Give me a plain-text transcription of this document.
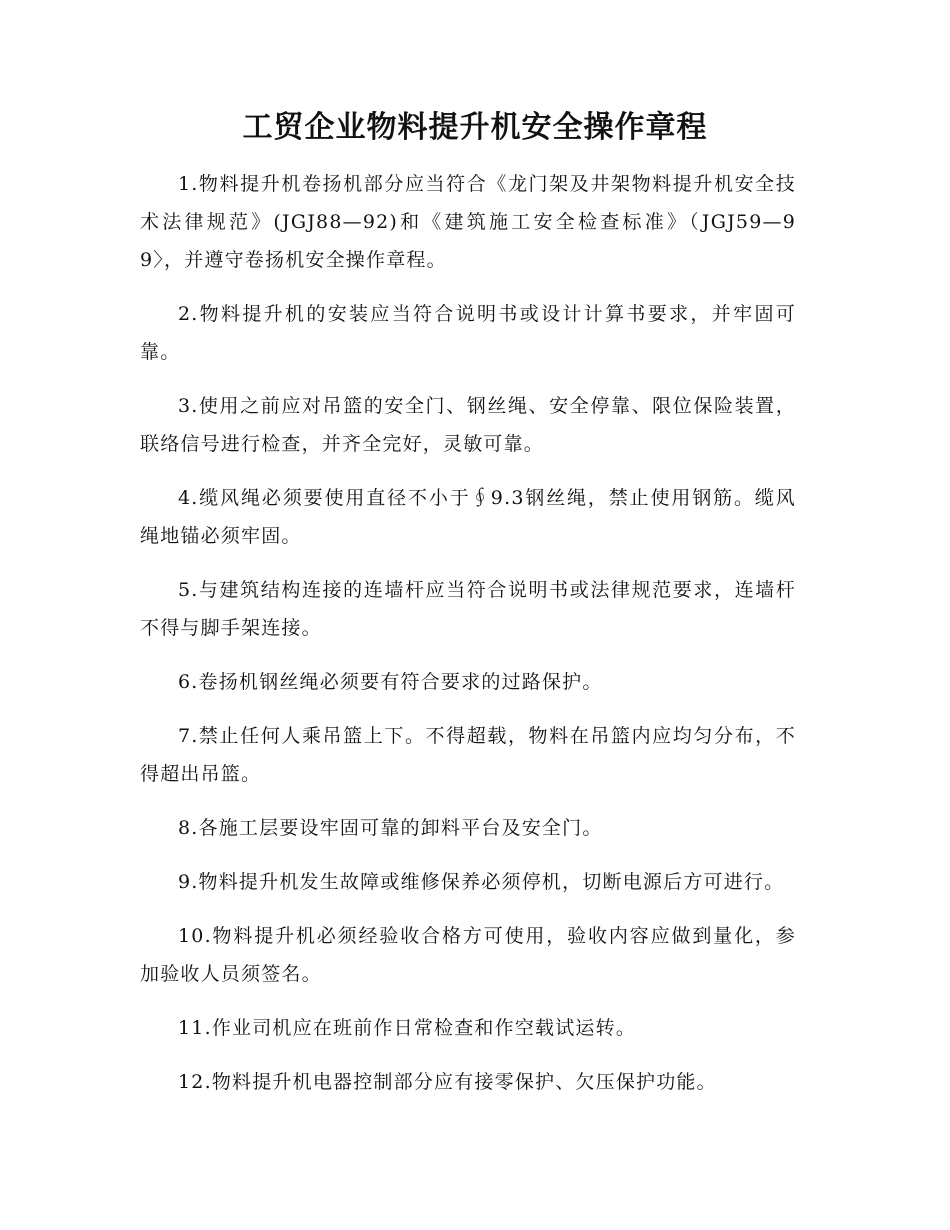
工贸企业物料提升机安全操作章程

1.物料提升机卷扬机部分应当符合《龙门架及井架物料提升机安全技术法律规范》(JGJ88—92)和《建筑施工安全检查标准》（JGJ59—99〉，并遵守卷扬机安全操作章程。

2.物料提升机的安装应当符合说明书或设计计算书要求，并牢固可靠。

3.使用之前应对吊篮的安全门、钢丝绳、安全停靠、限位保险装置，联络信号进行检查，并齐全完好，灵敏可靠。

4.缆风绳必须要使用直径不小于∮9.3钢丝绳，禁止使用钢筋。缆风绳地锚必须牢固。

5.与建筑结构连接的连墙杆应当符合说明书或法律规范要求，连墙杆不得与脚手架连接。

6.卷扬机钢丝绳必须要有符合要求的过路保护。

7.禁止任何人乘吊篮上下。不得超载，物料在吊篮内应均匀分布，不得超出吊篮。

8.各施工层要设牢固可靠的卸料平台及安全门。

9.物料提升机发生故障或维修保养必须停机，切断电源后方可进行。

10.物料提升机必须经验收合格方可使用，验收内容应做到量化，参加验收人员须签名。

11.作业司机应在班前作日常检查和作空载试运转。

12.物料提升机电器控制部分应有接零保护、欠压保护功能。
